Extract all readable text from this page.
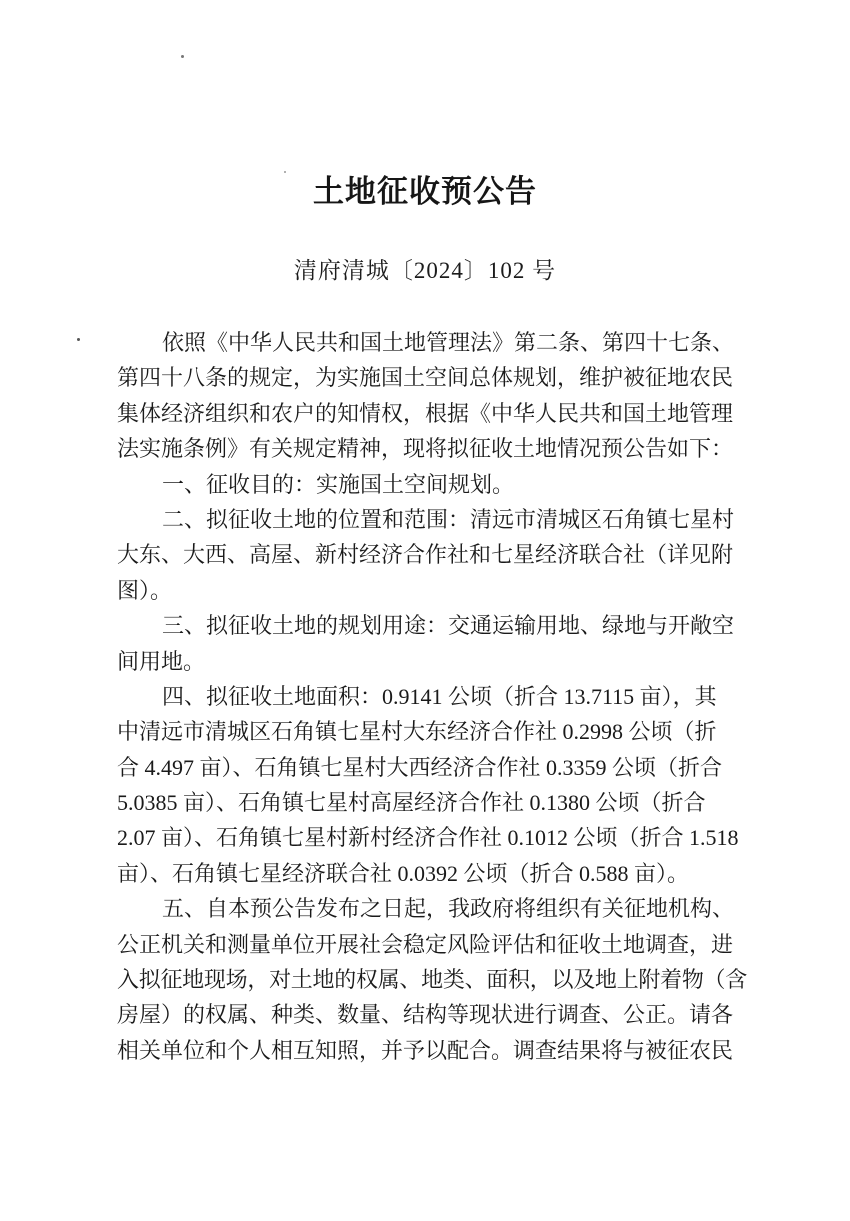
土地征收预公告
清府清城〔2024〕102 号
依照《中华人民共和国土地管理法》第二条、第四十七条、
第四十八条的规定，为实施国土空间总体规划，维护被征地农民
集体经济组织和农户的知情权，根据《中华人民共和国土地管理
法实施条例》有关规定精神，现将拟征收土地情况预公告如下：
一、征收目的：实施国土空间规划。
二、拟征收土地的位置和范围：清远市清城区石角镇七星村
大东、大西、高屋、新村经济合作社和七星经济联合社（详见附
图）。
三、拟征收土地的规划用途：交通运输用地、绿地与开敞空
间用地。
四、拟征收土地面积：0.9141 公顷（折合 13.7115 亩），其
中清远市清城区石角镇七星村大东经济合作社 0.2998 公顷（折
合 4.497 亩）、石角镇七星村大西经济合作社 0.3359 公顷（折合
5.0385 亩）、石角镇七星村高屋经济合作社 0.1380 公顷（折合
2.07 亩）、石角镇七星村新村经济合作社 0.1012 公顷（折合 1.518
亩）、石角镇七星经济联合社 0.0392 公顷（折合 0.588 亩）。
五、自本预公告发布之日起，我政府将组织有关征地机构、
公正机关和测量单位开展社会稳定风险评估和征收土地调查，进
入拟征地现场，对土地的权属、地类、面积，以及地上附着物（含
房屋）的权属、种类、数量、结构等现状进行调查、公正。请各
相关单位和个人相互知照，并予以配合。调查结果将与被征农民
